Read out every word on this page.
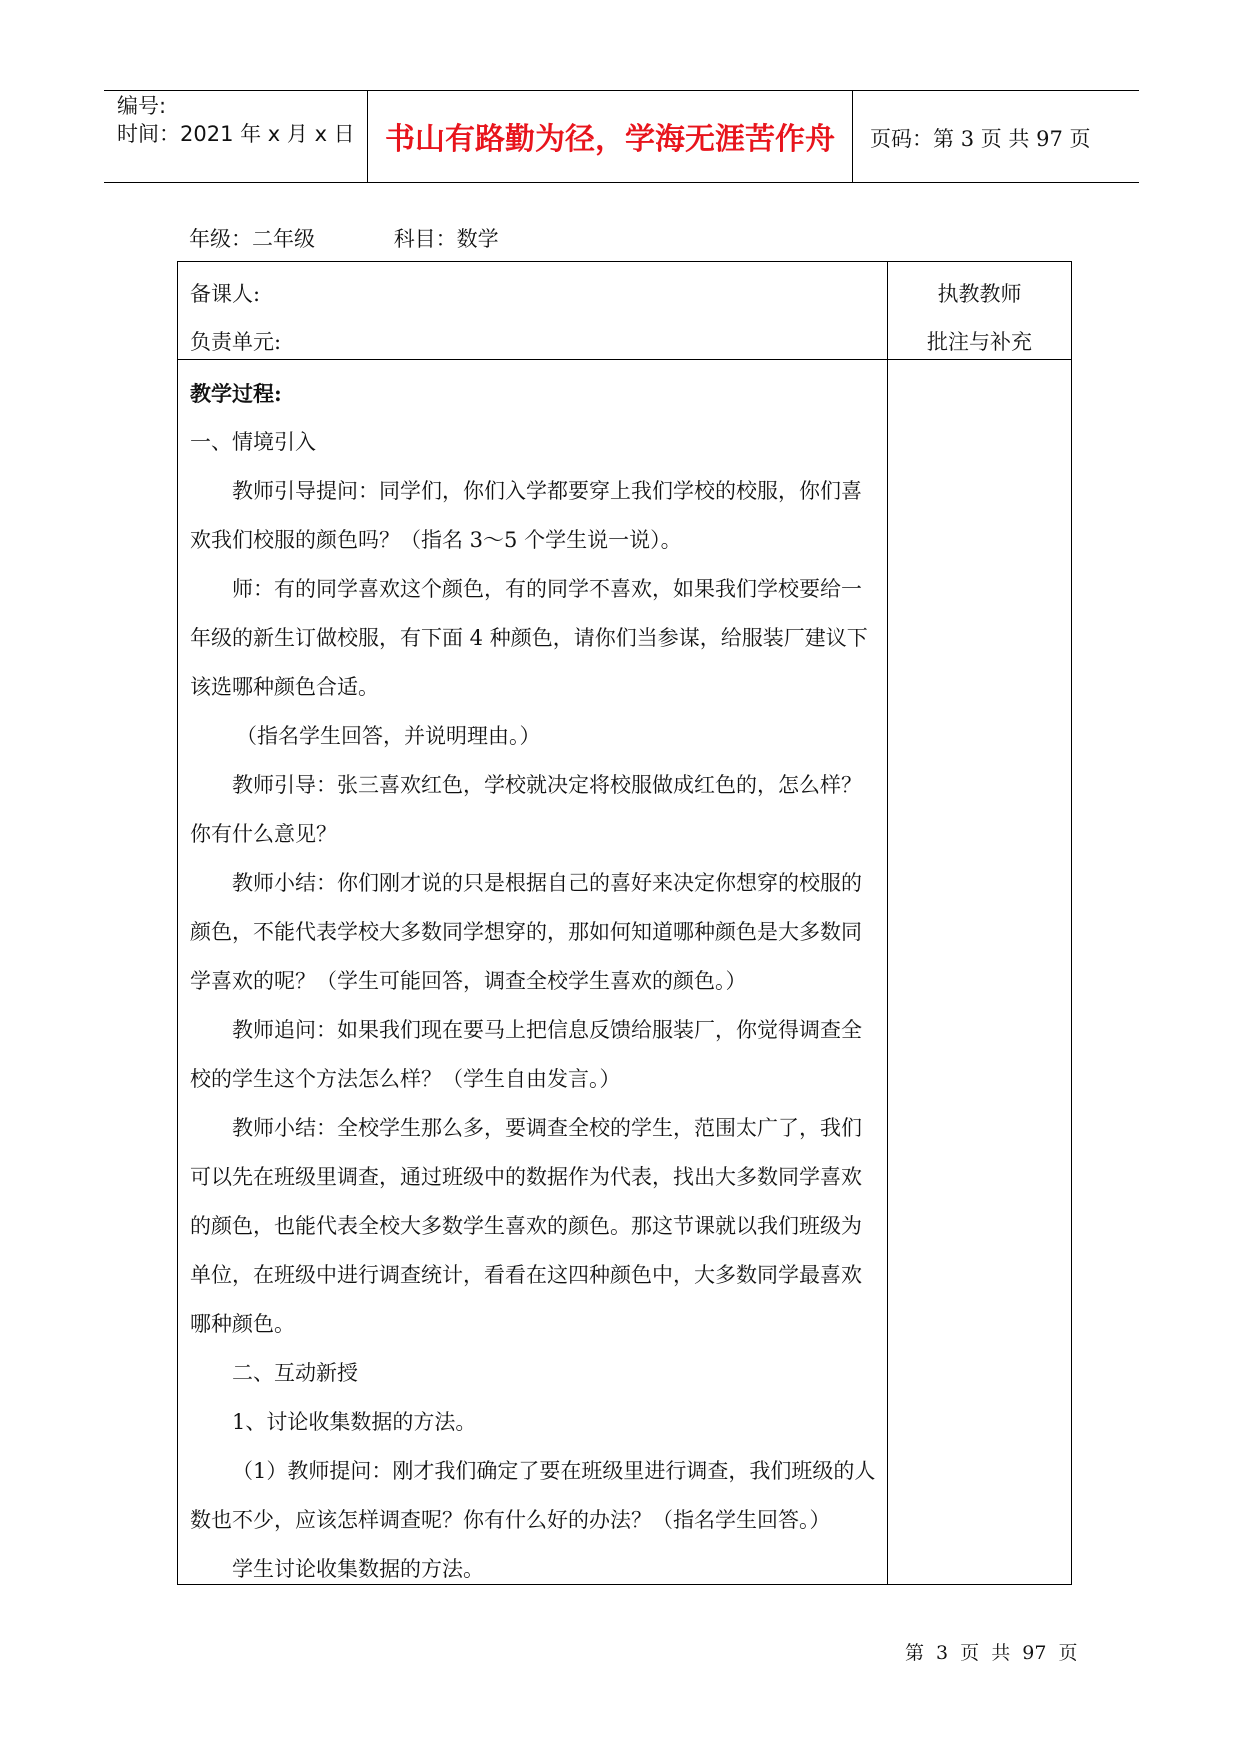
编号:
时间：2021 年 x 月 x 日	书山有路勤为径，学海无涯苦作舟	页码：第 3 页 共 97 页
年级：二年级	科目：数学
备课人:
负责单元:
执教教师
批注与补充

教学过程:

一、情境引入

教师引导提问：同学们，你们入学都要穿上我们学校的校服，你们喜欢我们校服的颜色吗？（指名 3～5 个学生说一说）。

师：有的同学喜欢这个颜色，有的同学不喜欢，如果我们学校要给一年级的新生订做校服，有下面 4 种颜色，请你们当参谋，给服装厂建议下该选哪种颜色合适。

（指名学生回答，并说明理由。）

教师引导：张三喜欢红色，学校就决定将校服做成红色的，怎么样？你有什么意见？

教师小结：你们刚才说的只是根据自己的喜好来决定你想穿的校服的颜色，不能代表学校大多数同学想穿的，那如何知道哪种颜色是大多数同学喜欢的呢？（学生可能回答，调查全校学生喜欢的颜色。）

教师追问：如果我们现在要马上把信息反馈给服装厂，你觉得调查全校的学生这个方法怎么样？（学生自由发言。）

教师小结：全校学生那么多，要调查全校的学生，范围太广了，我们可以先在班级里调查，通过班级中的数据作为代表，找出大多数同学喜欢的颜色，也能代表全校大多数学生喜欢的颜色。那这节课就以我们班级为单位，在班级中进行调查统计，看看在这四种颜色中，大多数同学最喜欢哪种颜色。

二、互动新授

1、讨论收集数据的方法。

（1）教师提问：刚才我们确定了要在班级里进行调查，我们班级的人数也不少，应该怎样调查呢？你有什么好的办法？（指名学生回答。）

学生讨论收集数据的方法。

第 3 页 共 97 页
